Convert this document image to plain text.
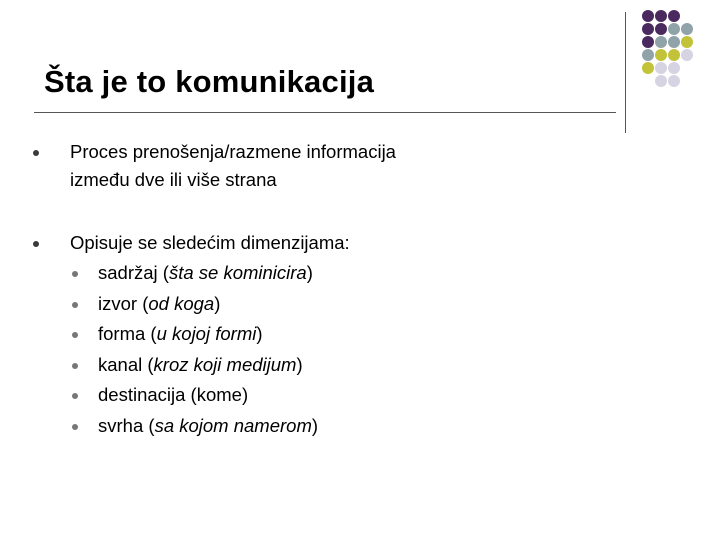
Šta je to komunikacija
Proces prenošenja/razmene informacija
između dve ili više strana
Opisuje se sledećim dimenzijama:
sadržaj (šta se kominicira)
izvor (od koga)
forma (u kojoj formi)
kanal (kroz koji medijum)
destinacija (kome)
svrha (sa kojom namerom)
